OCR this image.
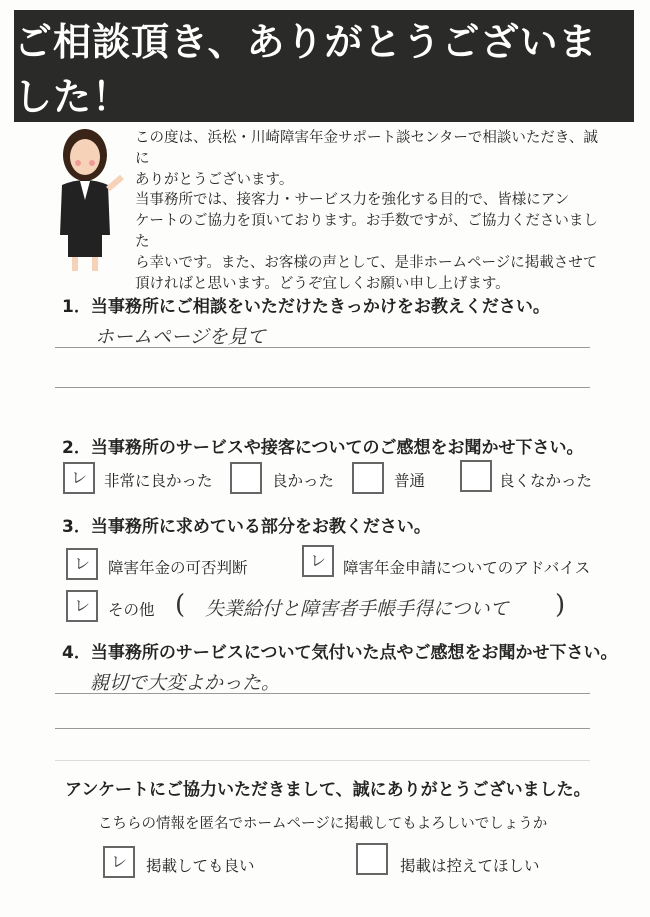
ご相談頂き、ありがとうございました！
この度は、浜松・川崎障害年金サポート談センターで相談いただき、誠に
ありがとうございます。
当事務所では、接客力・サービス力を強化する目的で、皆様にアン
ケートのご協力を頂いております。お手数ですが、ご協力くださいました
ら幸いです。また、お客様の声として、是非ホームページに掲載させて
頂ければと思います。どうぞ宜しくお願い申し上げます。
1．当事務所にご相談をいただけたきっかけをお教えください。
ホームページを見て
2．当事務所のサービスや接客についてのご感想をお聞かせ下さい。
レ	非常に良かった	良かった	普通	良くなかった
3．当事務所に求めている部分をお教ください。
レ	障害年金の可否判断	レ	障害年金申請についてのアドバイス
レ	その他 ( 失業給付と障害者手帳手得について )
4．当事務所のサービスについて気付いた点やご感想をお聞かせ下さい。
親切で大変よかった。
アンケートにご協力いただきまして、誠にありがとうございました。
こちらの情報を匿名でホームページに掲載してもよろしいでしょうか
レ	掲載しても良い	掲載は控えてほしい
